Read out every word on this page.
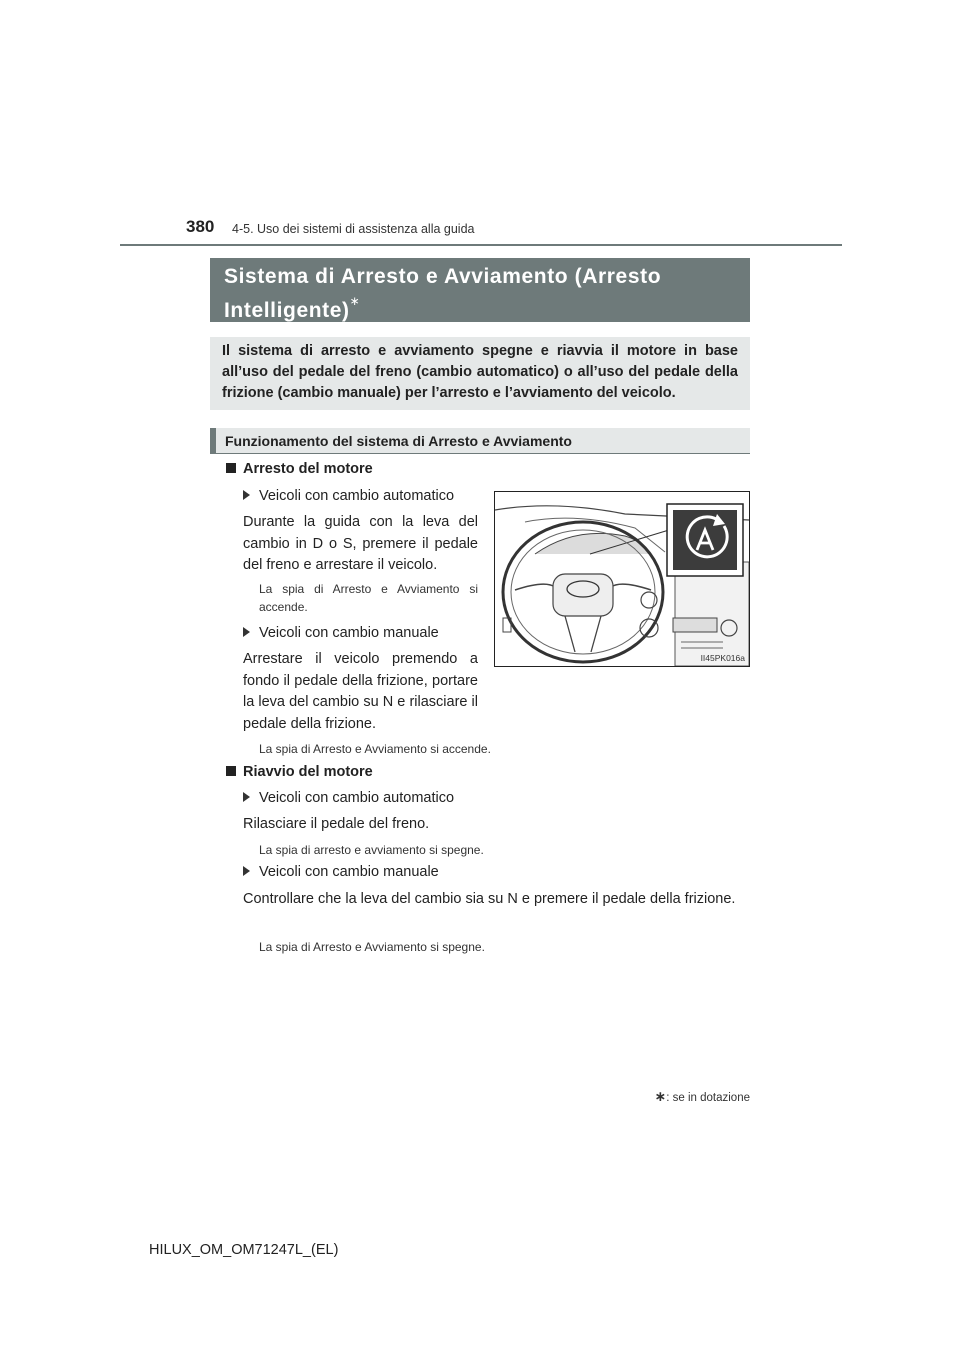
380 4-5. Uso dei sistemi di assistenza alla guida
Sistema di Arresto e Avviamento (Arresto
Intelligente)∗
Il sistema di arresto e avviamento spegne e riavvia il motore in base all’uso del pedale del freno (cambio automatico) o all’uso del pedale della frizione (cambio manuale) per l’arresto e l’avviamento del veicolo.
Funzionamento del sistema di Arresto e Avviamento
Arresto del motore
Veicoli con cambio automatico
Durante la guida con la leva del cambio in D o S, premere il pedale del freno e arrestare il veicolo.
La spia di Arresto e Avviamento si accende.
Veicoli con cambio manuale
Arrestare il veicolo premendo a fondo il pedale della frizione, portare la leva del cambio su N e rilasciare il pedale della frizione.
La spia di Arresto e Avviamento si accende.
II45PK016a
Riavvio del motore
Veicoli con cambio automatico
Rilasciare il pedale del freno.
La spia di arresto e avviamento si spegne.
Veicoli con cambio manuale
Controllare che la leva del cambio sia su N e premere il pedale della frizione.
La spia di Arresto e Avviamento si spegne.
∗: se in dotazione
HILUX_OM_OM71247L_(EL)
